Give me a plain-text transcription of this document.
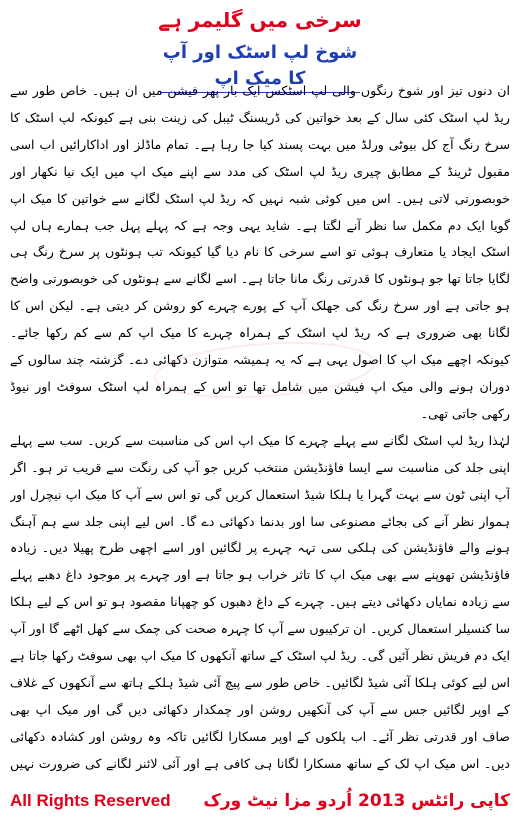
سرخی میں گلیمر ہے
شوخ لپ اسٹک اور آپ کا میک اپ

ان دنوں تیز اور شوخ رنگوں والی لپ اسٹکس ایک بار پھر فیشن میں ان ہیں۔ خاص طور سے ریڈ لپ اسٹک کئی سال کے بعد خواتین کی ڈریسنگ ٹیبل کی زینت بنی ہے کیونکہ لپ اسٹک کا سرخ رنگ آج کل بیوٹی ورلڈ میں بہت پسند کیا جا رہا ہے۔ تمام ماڈلز اور اداکارائیں اب اسی مقبول ٹرینڈ کے مطابق چیری ریڈ لپ اسٹک کی مدد سے اپنے میک اپ میں ایک نیا نکھار اور خوبصورتی لاتی ہیں۔ اس میں کوئی شبہ نہیں کہ ریڈ لپ اسٹک لگانے سے خواتین کا میک اپ گویا ایک دم مکمل سا نظر آنے لگتا ہے۔ شاید یہی وجہ ہے کہ پہلے پہل جب ہمارے ہاں لپ اسٹک ایجاد یا متعارف ہوئی تو اسے سرخی کا نام دیا گیا کیونکہ تب ہونٹوں پر سرخ رنگ ہی لگایا جاتا تھا جو ہونٹوں کا قدرتی رنگ مانا جاتا ہے۔ اسے لگانے سے ہونٹوں کی خوبصورتی واضح ہو جاتی ہے اور سرخ رنگ کی جھلک آپ کے پورے چہرے کو روشن کر دیتی ہے۔ لیکن اس کا لگانا بھی ضروری ہے کہ ریڈ لپ اسٹک کے ہمراہ چہرے کا میک اپ کم سے کم رکھا جائے۔ کیونکہ اچھے میک اپ کا اصول یہی ہے کہ یہ ہمیشہ متوازن دکھائی دے۔ گزشتہ چند سالوں کے دوران ہونے والی میک اپ فیشن میں شامل تھا تو اس کے ہمراہ لپ اسٹک سوفٹ اور نیوڈ رکھی جاتی تھی۔

لہٰذا ریڈ لپ اسٹک لگانے سے پہلے چہرے کا میک اپ اس کی مناسبت سے کریں۔ سب سے پہلے اپنی جلد کی مناسبت سے ایسا فاؤنڈیشن منتخب کریں جو آپ کی رنگت سے قریب تر ہو۔ اگر آپ اپنی ٹون سے بہت گہرا یا ہلکا شیڈ استعمال کریں گی تو اس سے آپ کا میک اپ نیچرل اور ہموار نظر آنے کی بجائے مصنوعی سا اور بدنما دکھائی دے گا۔ اس لیے اپنی جلد سے ہم آہنگ ہونے والے فاؤنڈیشن کی ہلکی سی تہہ چہرے پر لگائیں اور اسے اچھی طرح پھیلا دیں۔ زیادہ فاؤنڈیشن تھوپنے سے بھی میک اپ کا تاثر خراب ہو جاتا ہے اور چہرے پر موجود داغ دھبے پہلے سے زیادہ نمایاں دکھائی دیتے ہیں۔ چہرے کے داغ دھبوں کو چھپانا مقصود ہو تو اس کے لیے ہلکا سا کنسیلر استعمال کریں۔ ان ترکیبوں سے آپ کا چہرہ صحت کی چمک سے کھل اٹھے گا اور آپ ایک دم فریش نظر آئیں گی۔ ریڈ لپ اسٹک کے ساتھ آنکھوں کا میک اپ بھی سوفٹ رکھا جاتا ہے اس لیے کوئی ہلکا آئی شیڈ لگائیں۔ خاص طور سے پیچ آئی شیڈ ہلکے ہاتھ سے آنکھوں کے غلاف کے اوپر لگائیں جس سے آپ کی آنکھیں روشن اور چمکدار دکھائی دیں گی اور میک اپ بھی صاف اور قدرتی نظر آئے۔ اب پلکوں کے اوپر مسکارا لگائیں تاکہ وہ روشن اور کشادہ دکھائی دیں۔ اس میک اپ لک کے ساتھ مسکارا لگانا ہی کافی ہے اور آئی لائنر لگانے کی ضرورت نہیں

All Rights Reserved کاپی رائٹس 2013 اُردو مزا نیٹ ورک
